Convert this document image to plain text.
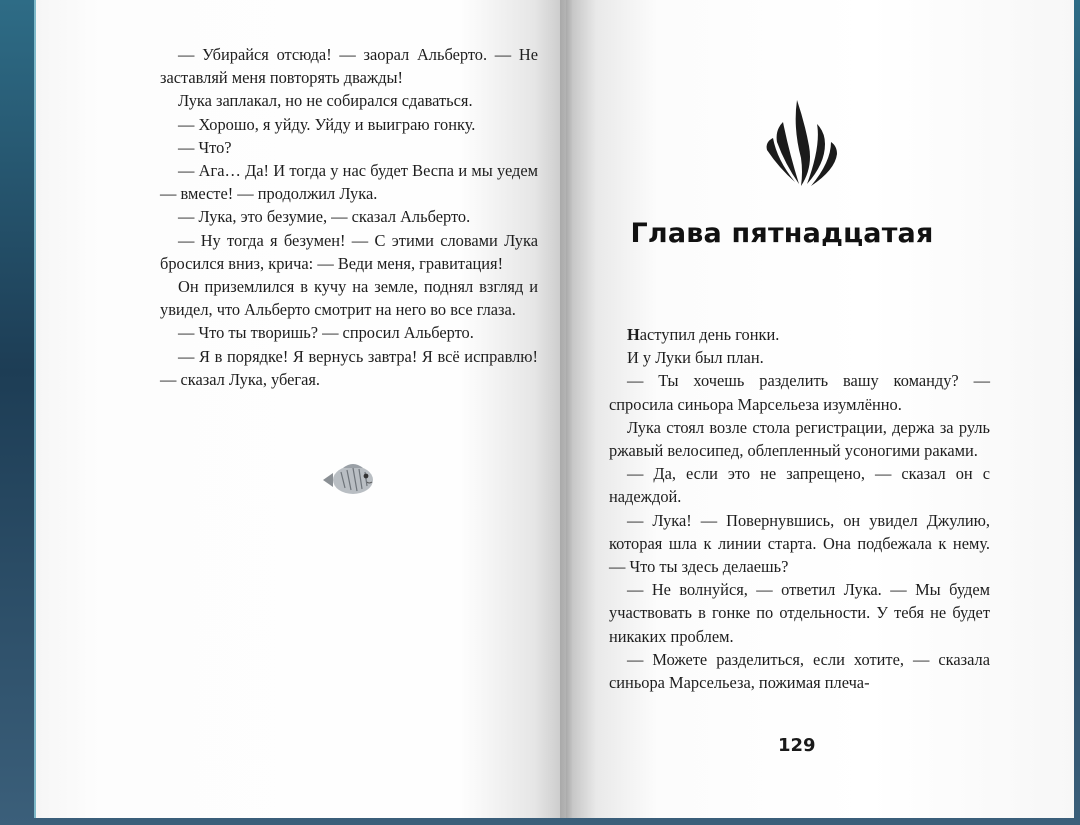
— Убирайся отсюда! — заорал Альберто. — Не заставляй меня повторять дважды!

Лука заплакал, но не собирался сдаваться.

— Хорошо, я уйду. Уйду и выиграю гонку.

— Что?

— Ага… Да! И тогда у нас будет Веспа и мы уедем — вместе! — продолжил Лука.

— Лука, это безумие, — сказал Альберто.

— Ну тогда я безумен! — С этими словами Лука бросился вниз, крича: — Веди меня, гравитация!

Он приземлился в кучу на земле, поднял взгляд и увидел, что Альберто смотрит на него во все глаза.

— Что ты творишь? — спросил Альберто.

— Я в порядке! Я вернусь завтра! Я всё исправлю! — сказал Лука, убегая.

Глава пятнадцатая

Наступил день гонки.

И у Луки был план.

— Ты хочешь разделить вашу команду? — спросила синьора Марсельеза изумлённо.

Лука стоял возле стола регистрации, держа за руль ржавый велосипед, облепленный усоногими раками.

— Да, если это не запрещено, — сказал он с надеждой.

— Лука! — Повернувшись, он увидел Джулию, которая шла к линии старта. Она подбежала к нему. — Что ты здесь делаешь?

— Не волнуйся, — ответил Лука. — Мы будем участвовать в гонке по отдельности. У тебя не будет никаких проблем.

— Можете разделиться, если хотите, — сказала синьора Марсельеза, пожимая плеча-

129
